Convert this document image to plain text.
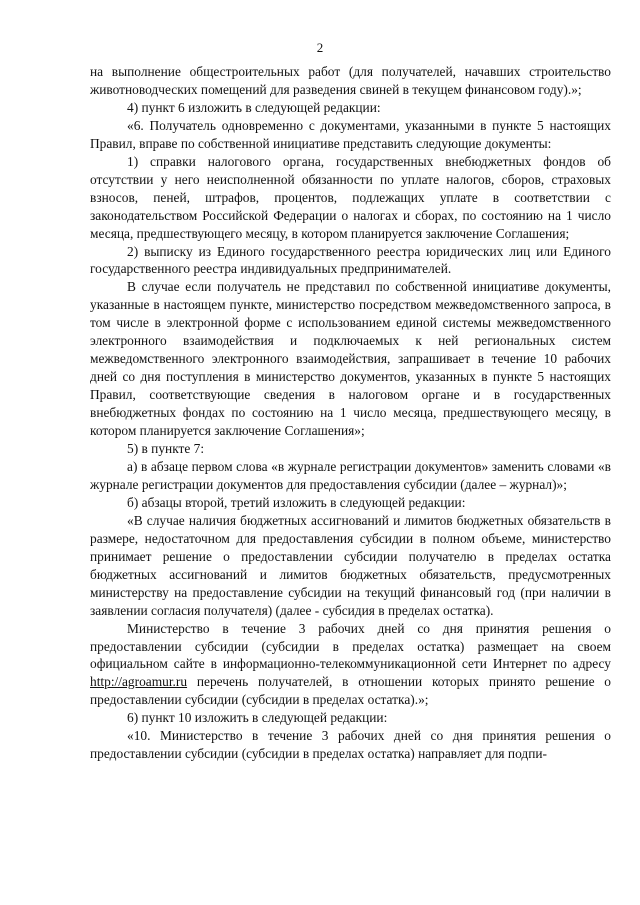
2

на выполнение общестроительных работ (для получателей, начавших строительство животноводческих помещений для разведения свиней в текущем финансовом году).»;

4) пункт 6 изложить в следующей редакции:

«6. Получатель одновременно с документами, указанными в пункте 5 настоящих Правил, вправе по собственной инициативе представить следующие документы:

1) справки налогового органа, государственных внебюджетных фондов об отсутствии у него неисполненной обязанности по уплате налогов, сборов, страховых взносов, пеней, штрафов, процентов, подлежащих уплате в соответствии с законодательством Российской Федерации о налогах и сборах, по состоянию на 1 число месяца, предшествующего месяцу, в котором планируется заключение Соглашения;

2) выписку из Единого государственного реестра юридических лиц или Единого государственного реестра индивидуальных предпринимателей.

В случае если получатель не представил по собственной инициативе документы, указанные в настоящем пункте, министерство посредством межведомственного запроса, в том числе в электронной форме с использованием единой системы межведомственного электронного взаимодействия и подключаемых к ней региональных систем межведомственного электронного взаимодействия, запрашивает в течение 10 рабочих дней со дня поступления в министерство документов, указанных в пункте 5 настоящих Правил, соответствующие сведения в налоговом органе и в государственных внебюджетных фондах по состоянию на 1 число месяца, предшествующего месяцу, в котором планируется заключение Соглашения»;

5) в пункте 7:

а) в абзаце первом слова «в журнале регистрации документов» заменить словами «в журнале регистрации документов для предоставления субсидии (далее – журнал)»;

б) абзацы второй, третий изложить в следующей редакции:

«В случае наличия бюджетных ассигнований и лимитов бюджетных обязательств в размере, недостаточном для предоставления субсидии в полном объеме, министерство принимает решение о предоставлении субсидии получателю в пределах остатка бюджетных ассигнований и лимитов бюджетных обязательств, предусмотренных министерству на предоставление субсидии на текущий финансовый год (при наличии в заявлении согласия получателя) (далее - субсидия в пределах остатка).

Министерство в течение 3 рабочих дней со дня принятия решения о предоставлении субсидии (субсидии в пределах остатка) размещает на своем официальном сайте в информационно-телекоммуникационной сети Интернет по адресу http://agroamur.ru перечень получателей, в отношении которых принято решение о предоставлении субсидии (субсидии в пределах остатка).»;

6) пункт 10 изложить в следующей редакции:

«10. Министерство в течение 3 рабочих дней со дня принятия решения о предоставлении субсидии (субсидии в пределах остатка) направляет для подпи-
